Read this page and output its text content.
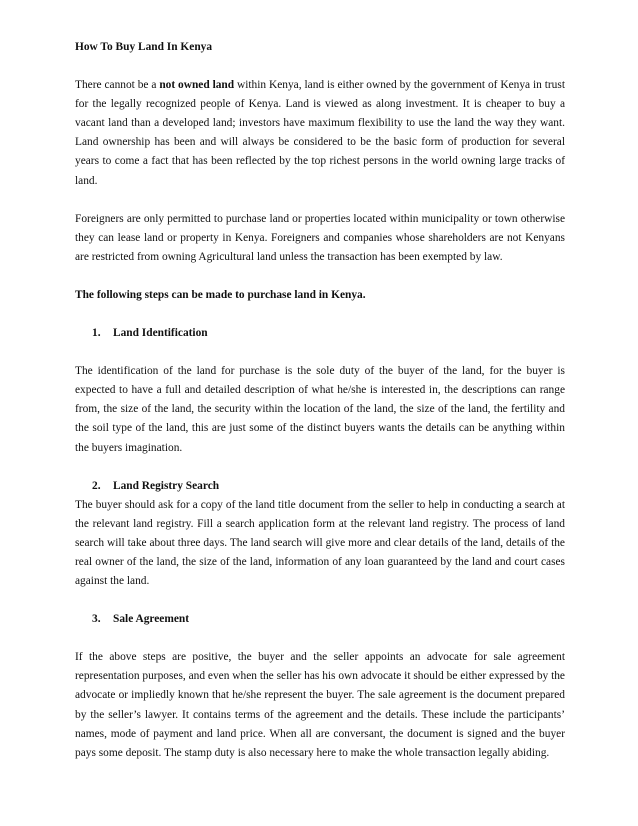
How To Buy Land In Kenya

There cannot be a not owned land within Kenya, land is either owned by the government of Kenya in trust for the legally recognized people of Kenya. Land is viewed as along investment. It is cheaper to buy a vacant land than a developed land; investors have maximum flexibility to use the land the way they want. Land ownership has been and will always be considered to be the basic form of production for several years to come a fact that has been reflected by the top richest persons in the world owning large tracks of land.

Foreigners are only permitted to purchase land or properties located within municipality or town otherwise they can lease land or property in Kenya. Foreigners and companies whose shareholders are not Kenyans are restricted from owning Agricultural land unless the transaction has been exempted by law.

The following steps can be made to purchase land in Kenya.

1. Land Identification

The identification of the land for purchase is the sole duty of the buyer of the land, for the buyer is expected to have a full and detailed description of what he/she is interested in, the descriptions can range from, the size of the land, the security within the location of the land, the size of the land, the fertility and the soil type of the land, this are just some of the distinct buyers wants the details can be anything within the buyers imagination.

2. Land Registry Search

The buyer should ask for a copy of the land title document from the seller to help in conducting a search at the relevant land registry. Fill a search application form at the relevant land registry. The process of land search will take about three days. The land search will give more and clear details of the land, details of the real owner of the land, the size of the land, information of any loan guaranteed by the land and court cases against the land.

3. Sale Agreement

If the above steps are positive, the buyer and the seller appoints an advocate for sale agreement representation purposes, and even when the seller has his own advocate it should be either expressed by the advocate or impliedly known that he/she represent the buyer. The sale agreement is the document prepared by the seller’s lawyer. It contains terms of the agreement and the details. These include the participants’ names, mode of payment and land price. When all are conversant, the document is signed and the buyer pays some deposit. The stamp duty is also necessary here to make the whole transaction legally abiding.
